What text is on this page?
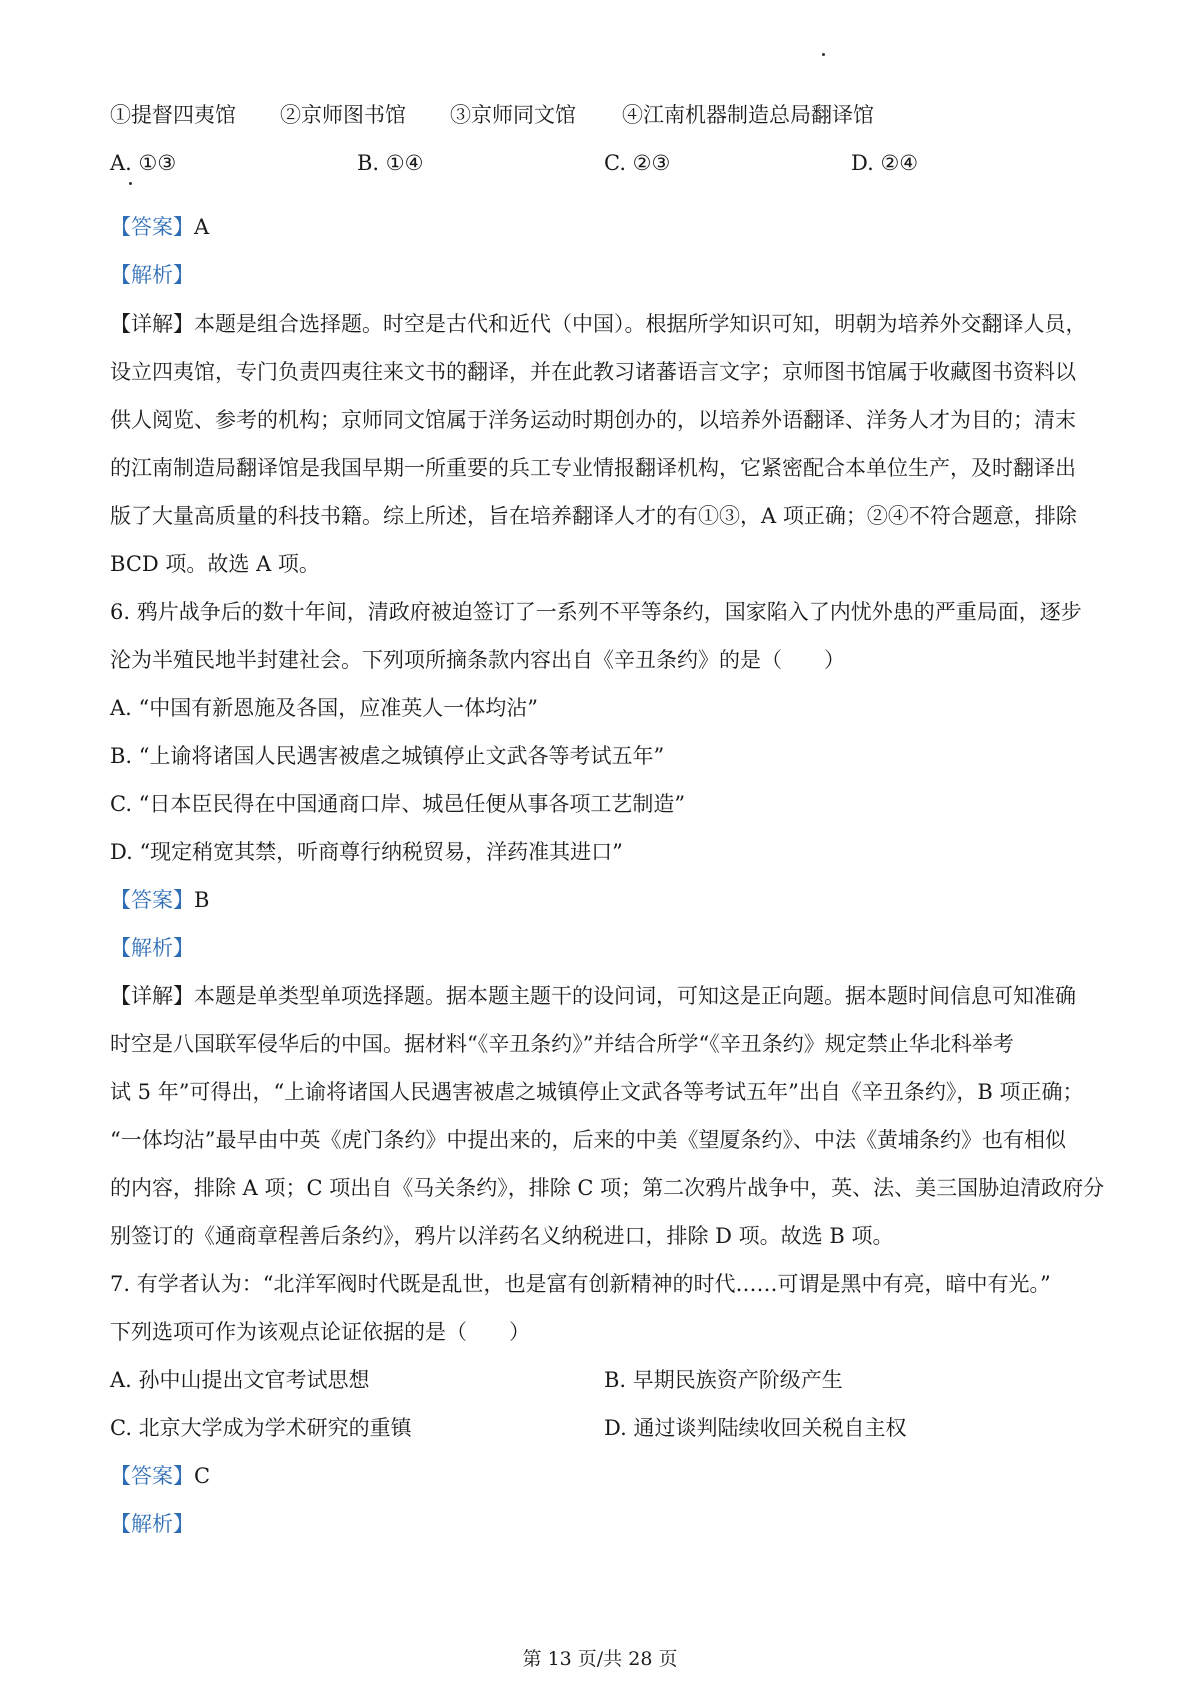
①提督四夷馆 ②京师图书馆 ③京师同文馆 ④江南机器制造总局翻译馆
A. ①③	B. ①④	C. ②③	D. ②④
【答案】A
【解析】
【详解】本题是组合选择题。时空是古代和近代（中国）。根据所学知识可知，明朝为培养外交翻译人员，
设立四夷馆，专门负责四夷往来文书的翻译，并在此教习诸蕃语言文字；京师图书馆属于收藏图书资料以
供人阅览、参考的机构；京师同文馆属于洋务运动时期创办的，以培养外语翻译、洋务人才为目的；清末
的江南制造局翻译馆是我国早期一所重要的兵工专业情报翻译机构，它紧密配合本单位生产，及时翻译出
版了大量高质量的科技书籍。综上所述，旨在培养翻译人才的有①③，A 项正确；②④不符合题意，排除
BCD 项。故选 A 项。
6. 鸦片战争后的数十年间，清政府被迫签订了一系列不平等条约，国家陷入了内忧外患的严重局面，逐步
沦为半殖民地半封建社会。下列项所摘条款内容出自《辛丑条约》的是（　　）
A. “中国有新恩施及各国，应准英人一体均沾”
B. “上谕将诸国人民遇害被虐之城镇停止文武各等考试五年”
C. “日本臣民得在中国通商口岸、城邑任便从事各项工艺制造”
D. “现定稍宽其禁，听商尊行纳税贸易，洋药准其进口”
【答案】B
【解析】
【详解】本题是单类型单项选择题。据本题主题干的设问词，可知这是正向题。据本题时间信息可知准确
时空是八国联军侵华后的中国。据材料“《辛丑条约》”并结合所学“《辛丑条约》规定禁止华北科举考
试 5 年”可得出，“上谕将诸国人民遇害被虐之城镇停止文武各等考试五年”出自《辛丑条约》，B 项正确；
“一体均沾”最早由中英《虎门条约》中提出来的，后来的中美《望厦条约》、中法《黄埔条约》也有相似
的内容，排除 A 项；C 项出自《马关条约》，排除 C 项；第二次鸦片战争中，英、法、美三国胁迫清政府分
别签订的《通商章程善后条约》，鸦片以洋药名义纳税进口，排除 D 项。故选 B 项。
7. 有学者认为：“北洋军阀时代既是乱世，也是富有创新精神的时代……可谓是黑中有亮，暗中有光。”
下列选项可作为该观点论证依据的是（　　）
A. 孙中山提出文官考试思想	B. 早期民族资产阶级产生
C. 北京大学成为学术研究的重镇	D. 通过谈判陆续收回关税自主权
【答案】C
【解析】
第 13 页/共 28 页
